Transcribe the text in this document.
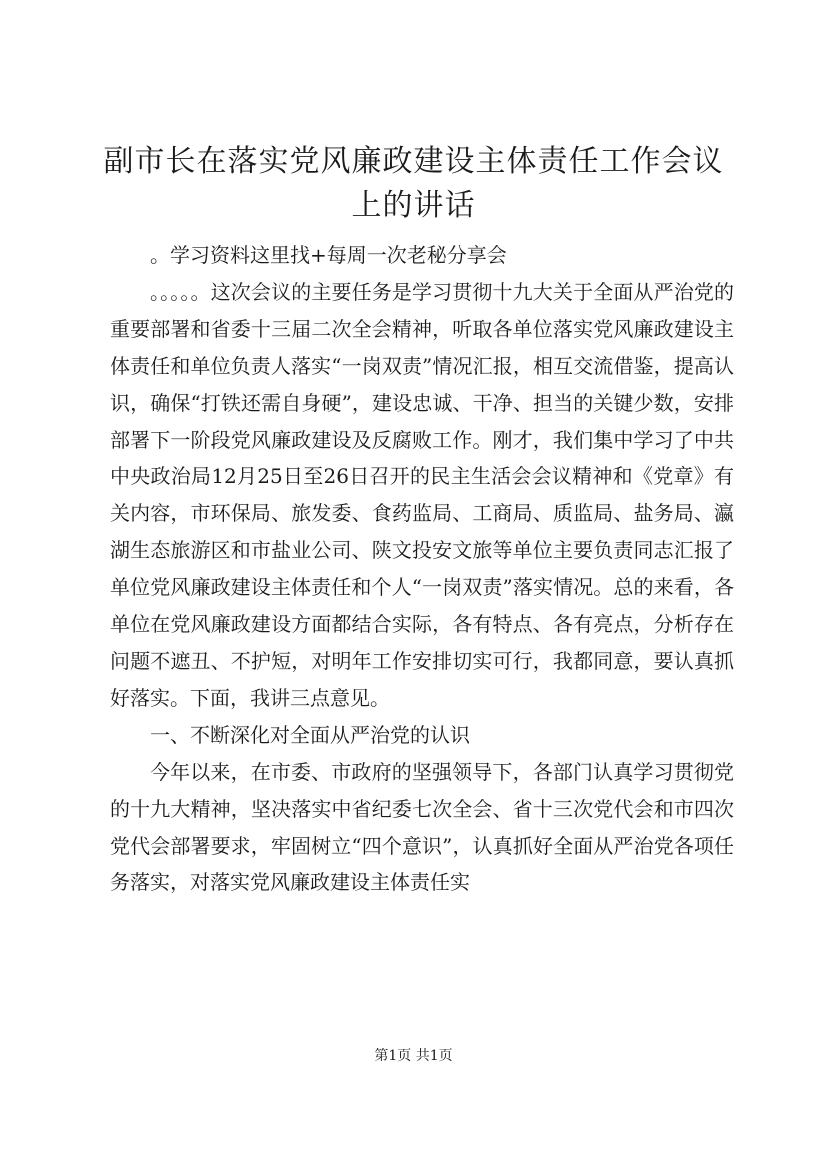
副市长在落实党风廉政建设主体责任工作会议
上的讲话

。学习资料这里找+每周一次老秘分享会

。。。。。这次会议的主要任务是学习贯彻十九大关于全面从严治党的重要部署和省委十三届二次全会精神，听取各单位落实党风廉政建设主体责任和单位负责人落实“一岗双责”情况汇报，相互交流借鉴，提高认识，确保“打铁还需自身硬”，建设忠诚、干净、担当的关键少数，安排部署下一阶段党风廉政建设及反腐败工作。刚才，我们集中学习了中共中央政治局12月25日至26日召开的民主生活会会议精神和《党章》有关内容，市环保局、旅发委、食药监局、工商局、质监局、盐务局、瀛湖生态旅游区和市盐业公司、陕文投安文旅等单位主要负责同志汇报了单位党风廉政建设主体责任和个人“一岗双责”落实情况。总的来看，各单位在党风廉政建设方面都结合实际，各有特点、各有亮点，分析存在问题不遮丑、不护短，对明年工作安排切实可行，我都同意，要认真抓好落实。下面，我讲三点意见。

一、不断深化对全面从严治党的认识

今年以来，在市委、市政府的坚强领导下，各部门认真学习贯彻党的十九大精神，坚决落实中省纪委七次全会、省十三次党代会和市四次党代会部署要求，牢固树立“四个意识”，认真抓好全面从严治党各项任务落实，对落实党风廉政建设主体责任实

第1页 共1页
